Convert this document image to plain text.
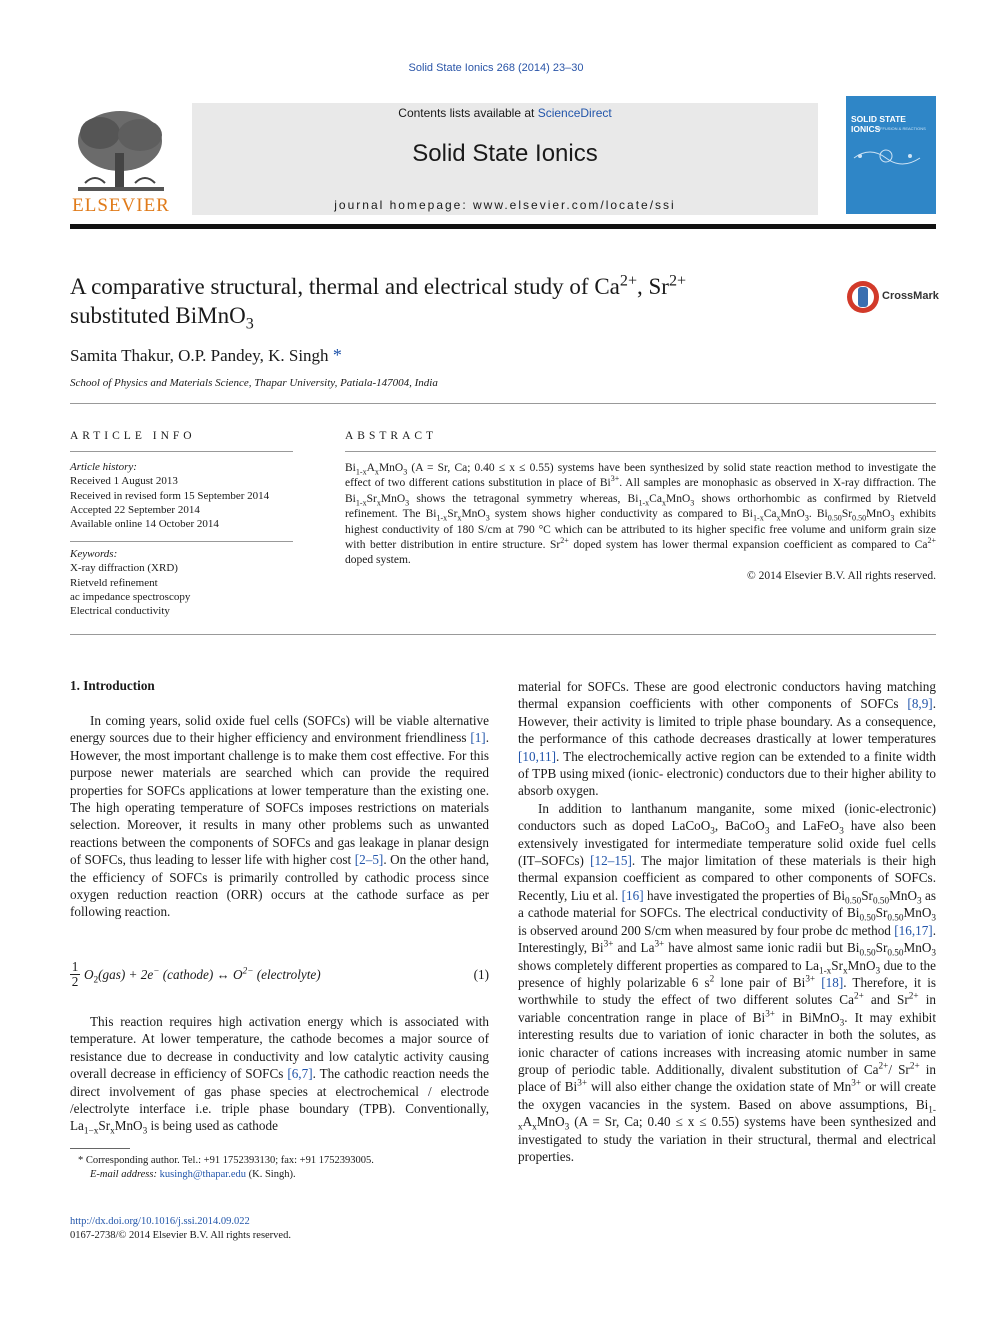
Solid State Ionics 268 (2014) 23–30
ELSEVIER
Contents lists available at ScienceDirect
Solid State Ionics
journal homepage: www.elsevier.com/locate/ssi
SOLID STATE IONICS
DIFFUSION & REACTIONS
A comparative structural, thermal and electrical study of $Ca^{2+}$, $Sr^{2+}$
substituted BiMnO$_3$
CrossMark
Samita Thakur, O.P. Pandey, K. Singh *
School of Physics and Materials Science, Thapar University, Patiala-147004, India
ARTICLE INFO
Article history:
Received 1 August 2013
Received in revised form 15 September 2014
Accepted 22 September 2014
Available online 14 October 2014
Keywords:
X-ray diffraction (XRD)
Rietveld refinement
ac impedance spectroscopy
Electrical conductivity
ABSTRACT
$Bi_{1-x}A_xMnO_3$ (A = Sr, Ca; 0.40 ≤ x ≤ 0.55) systems have been synthesized by solid state reaction method to investigate the effect of two different cations substitution in place of $Bi^{3+}$. All samples are monophasic as observed in X-ray diffraction. The $Bi_{1-x}Sr_xMnO_3$ shows the tetragonal symmetry whereas, $Bi_{1-x}Ca_xMnO_3$ shows orthorhombic as confirmed by Rietveld refinement. The $Bi_{1-x}Sr_xMnO_3$ system shows higher conductivity as compared to $Bi_{1-x}Ca_xMnO_3$. $Bi_{0.50}Sr_{0.50}MnO_3$ exhibits highest conductivity of 180 S/cm at 790 °C which can be attributed to its higher specific free volume and uniform grain size with better distribution in entire structure. $Sr^{2+}$ doped system has lower thermal expansion coefficient as compared to $Ca^{2+}$ doped system.
© 2014 Elsevier B.V. All rights reserved.
1. Introduction

In coming years, solid oxide fuel cells (SOFCs) will be viable alternative energy sources due to their higher efficiency and environment friendliness [1]. However, the most important challenge is to make them cost effective. For this purpose newer materials are searched which can provide the required properties for SOFCs applications at lower temperature than the existing one. The high operating temperature of SOFCs imposes restrictions on materials selection. Moreover, it results in many other problems such as unwanted reactions between the components of SOFCs and gas leakage in planar design of SOFCs, thus leading to lesser life with higher cost [2–5]. On the other hand, the efficiency of SOFCs is primarily controlled by cathodic process since oxygen reduction reaction (ORR) occurs at the cathode surface as per following reaction.

1

2 $O_2(gas) + 2e^-$ (cathode) ↔ $O^{2-}$ (electrolyte)	(1)

This reaction requires high activation energy which is associated with temperature. At lower temperature, the cathode becomes a major source of resistance due to decrease in conductivity and low catalytic activity causing overall decrease in efficiency of SOFCs [6,7]. The cathodic reaction needs the direct involvement of gas phase species at electrochemical / electrode /electrolyte interface i.e. triple phase boundary (TPB). Conventionally, $La_{1-x}Sr_xMnO_3$ is being used as cathode

* Corresponding author. Tel.: +91 1752393130; fax: +91 1752393005.
E-mail address: kusingh@thapar.edu (K. Singh).
http://dx.doi.org/10.1016/j.ssi.2014.09.022
0167-2738/© 2014 Elsevier B.V. All rights reserved.

material for SOFCs. These are good electronic conductors having matching thermal expansion coefficients with other components of SOFCs [8,9]. However, their activity is limited to triple phase boundary. As a consequence, the performance of this cathode decreases drastically at lower temperatures [10,11]. The electrochemically active region can be extended to a finite width of TPB using mixed (ionic- electronic) conductors due to their higher ability to absorb oxygen.

In addition to lanthanum manganite, some mixed (ionic-electronic) conductors such as doped LaCoO$_3$, BaCoO$_3$ and LaFeO$_3$ have also been extensively investigated for intermediate temperature solid oxide fuel cells (IT–SOFCs) [12–15]. The major limitation of these materials is their high thermal expansion coefficient as compared to other components of SOFCs. Recently, Liu et al. [16] have investigated the properties of $Bi_{0.50}Sr_{0.50}MnO_3$ as a cathode material for SOFCs. The electrical conductivity of $Bi_{0.50}Sr_{0.50}MnO_3$ is observed around 200 S/cm when measured by four probe dc method [16,17]. Interestingly, $Bi^{3+}$ and $La^{3+}$ have almost same ionic radii but $Bi_{0.50}Sr_{0.50}MnO_3$ shows completely different properties as compared to $La_{1-x}Sr_xMnO_3$ due to the presence of highly polarizable 6 $s^2$ lone pair of $Bi^{3+}$ [18]. Therefore, it is worthwhile to study the effect of two different solutes $Ca^{2+}$ and $Sr^{2+}$ in variable concentration range in place of $Bi^{3+}$ in BiMnO$_3$. It may exhibit interesting results due to variation of ionic character in both the solutes, as ionic character of cations increases with increasing atomic number in same group of periodic table. Additionally, divalent substitution of $Ca^{2+}/$ $Sr^{2+}$ in place of $Bi^{3+}$ will also either change the oxidation state of $Mn^{3+}$ or will create the oxygen vacancies in the system. Based on above assumptions, $Bi_{1-x}A_xMnO_3$ (A = Sr, Ca; 0.40 ≤ x ≤ 0.55) systems have been synthesized and investigated to study the variation in their structural, thermal and electrical properties.
